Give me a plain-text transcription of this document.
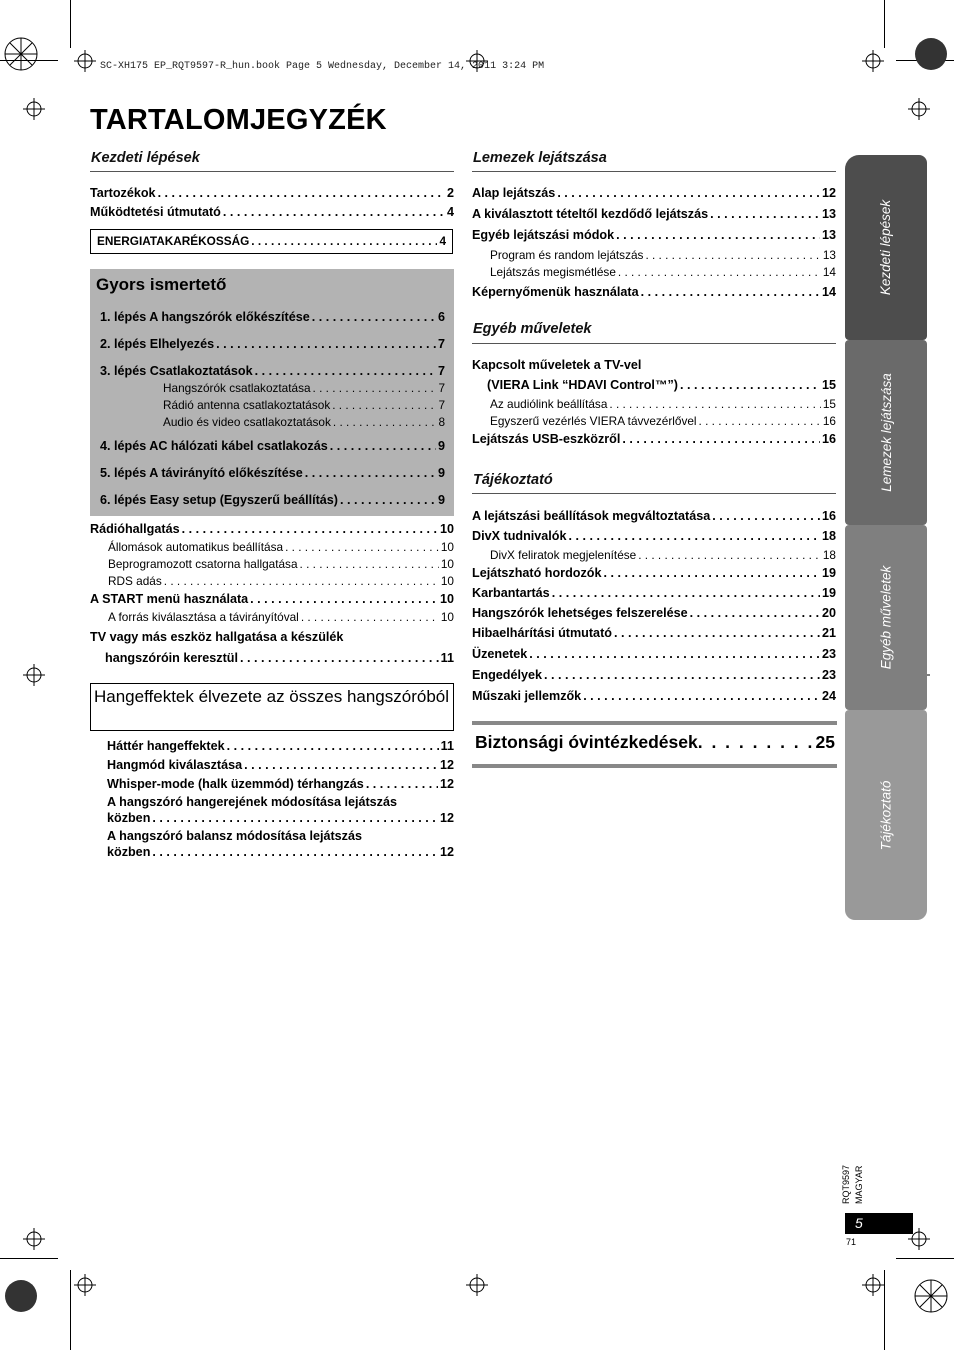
SC-XH175 EP_RQT9597-R_hun.book Page 5 Wednesday, December 14, 2011 3:24 PM
TARTALOMJEGYZÉK
Kezdeti lépések
Tartozékok . . .	2
Működtetési útmutató . . .	4
ENERGIATAKARÉKOSSÁG . . .	4
Gyors ismertető
1. lépés A hangszórók előkészítése . . .	6
2. lépés Elhelyezés . . .	7
3. lépés Csatlakoztatások . . .	7
Hangszórók csatlakoztatása . . .	7
Rádió antenna csatlakoztatások . . .	7
Audio és video csatlakoztatások . . .	8
4. lépés AC hálózati kábel csatlakozás . . .	9
5. lépés A távirányító előkészítése . . .	9
6. lépés Easy setup (Egyszerű beállítás) . . .	9
Rádióhallgatás . . .	10
Állomások automatikus beállítása . . .	10
Beprogramozott csatorna hallgatása . . .	10
RDS adás . . .	10
A START menü használata . . .	10
A forrás kiválasztása a távirányítóval . . .	10
TV vagy más eszköz hallgatása a készülék
hangszóróin keresztül . . .	11
Hangeffektek élvezete az összes hangszóróból
Háttér hangeffektek . . .	11
Hangmód kiválasztása . . .	12
Whisper-mode (halk üzemmód) térhangzás . . .	12
A hangszóró hangerejének módosítása lejátszás
közben . . .	12
A hangszóró balansz módosítása lejátszás
közben . . .	12
Lemezek lejátszása
Alap lejátszás . . .	12
A kiválasztott tételtől kezdődő lejátszás . . .	13
Egyéb lejátszási módok . . .	13
Program és random lejátszás . . .	13
Lejátszás megismétlése . . .	14
Képernyőmenük használata . . .	14
Egyéb műveletek
Kapcsolt műveletek a TV-vel
(VIERA Link “HDAVI Control™”) . . .	15
Az audiólink beállítása . . .	15
Egyszerű vezérlés VIERA távvezérlővel . . .	16
Lejátszás USB-eszközről . . .	16
Tájékoztató
A lejátszási beállítások megváltoztatása . . .	16
DivX tudnivalók . . .	18
DivX feliratok megjelenítése . . .	18
Lejátszható hordozók . . .	19
Karbantartás . . .	19
Hangszórók lehetséges felszerelése . . .	20
Hibaelhárítási útmutató . . .	21
Üzenetek . . .	23
Engedélyek . . .	23
Műszaki jellemzők . . .	24
Biztonsági óvintézkedések . . .	25
Kezdeti lépések
Lemezek lejátszása
Egyéb műveletek
Tájékoztató
RQT9597 MAGYAR
5
71
